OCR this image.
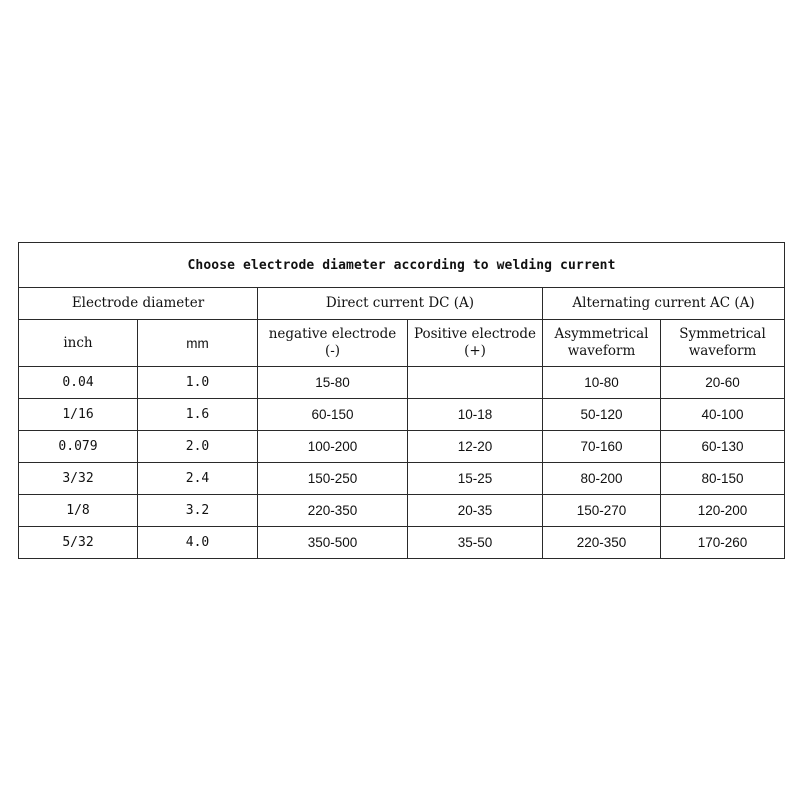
Choose electrode diameter according to welding current					
Electrode diameter		Direct current DC (A)		Alternating current AC (A)	
inch	mm	negative electrode (-)	Positive electrode (+)	Asymmetrical waveform	Symmetrical waveform
0.04	1.0	15-80		10-80	20-60
1/16	1.6	60-150	10-18	50-120	40-100
0.079	2.0	100-200	12-20	70-160	60-130
3/32	2.4	150-250	15-25	80-200	80-150
1/8	3.2	220-350	20-35	150-270	120-200
5/32	4.0	350-500	35-50	220-350	170-260
